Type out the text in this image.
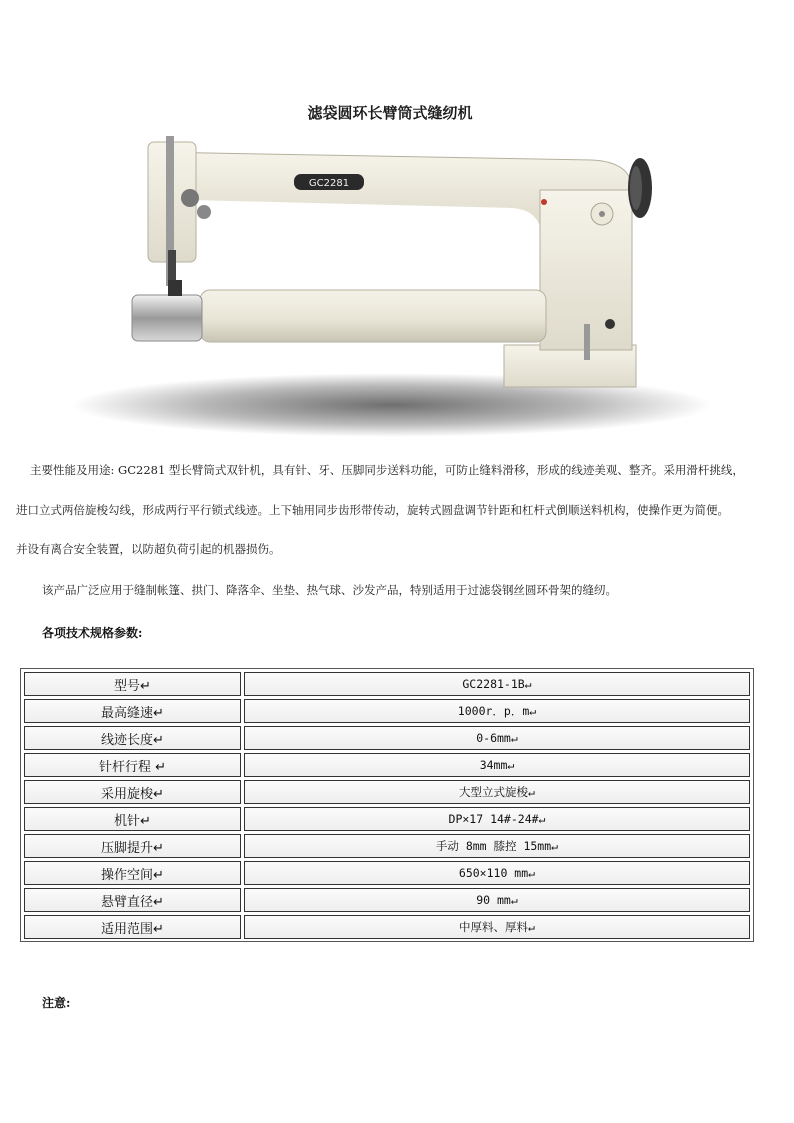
滤袋圆环长臂筒式缝纫机
GC2281
主要性能及用途: GC2281 型长臂筒式双针机，具有针、牙、压脚同步送料功能，可防止缝料滑移，形成的线迹美观、整齐。采用滑杆挑线，
进口立式两倍旋梭勾线，形成两行平行锁式线迹。上下轴用同步齿形带传动，旋转式圆盘调节针距和杠杆式倒顺送料机构，使操作更为简便。
并设有离合安全装置，以防超负荷引起的机器损伤。
该产品广泛应用于缝制帐篷、拱门、降落伞、坐垫、热气球、沙发产品，特别适用于过滤袋钢丝圆环骨架的缝纫。
各项技术规格参数:
型号↵	GC2281-1B↵
最高缝速↵	1000r．p．m↵
线迹长度↵	0-6mm↵
针杆行程 ↵	34mm↵
采用旋梭↵	大型立式旋梭↵
机针↵	DP×17 14#-24#↵
压脚提升↵	手动 8mm 膝控 15mm↵
操作空间↵	650×110 mm↵
悬臂直径↵	90 mm↵
适用范围↵	中厚料、厚料↵
注意:
